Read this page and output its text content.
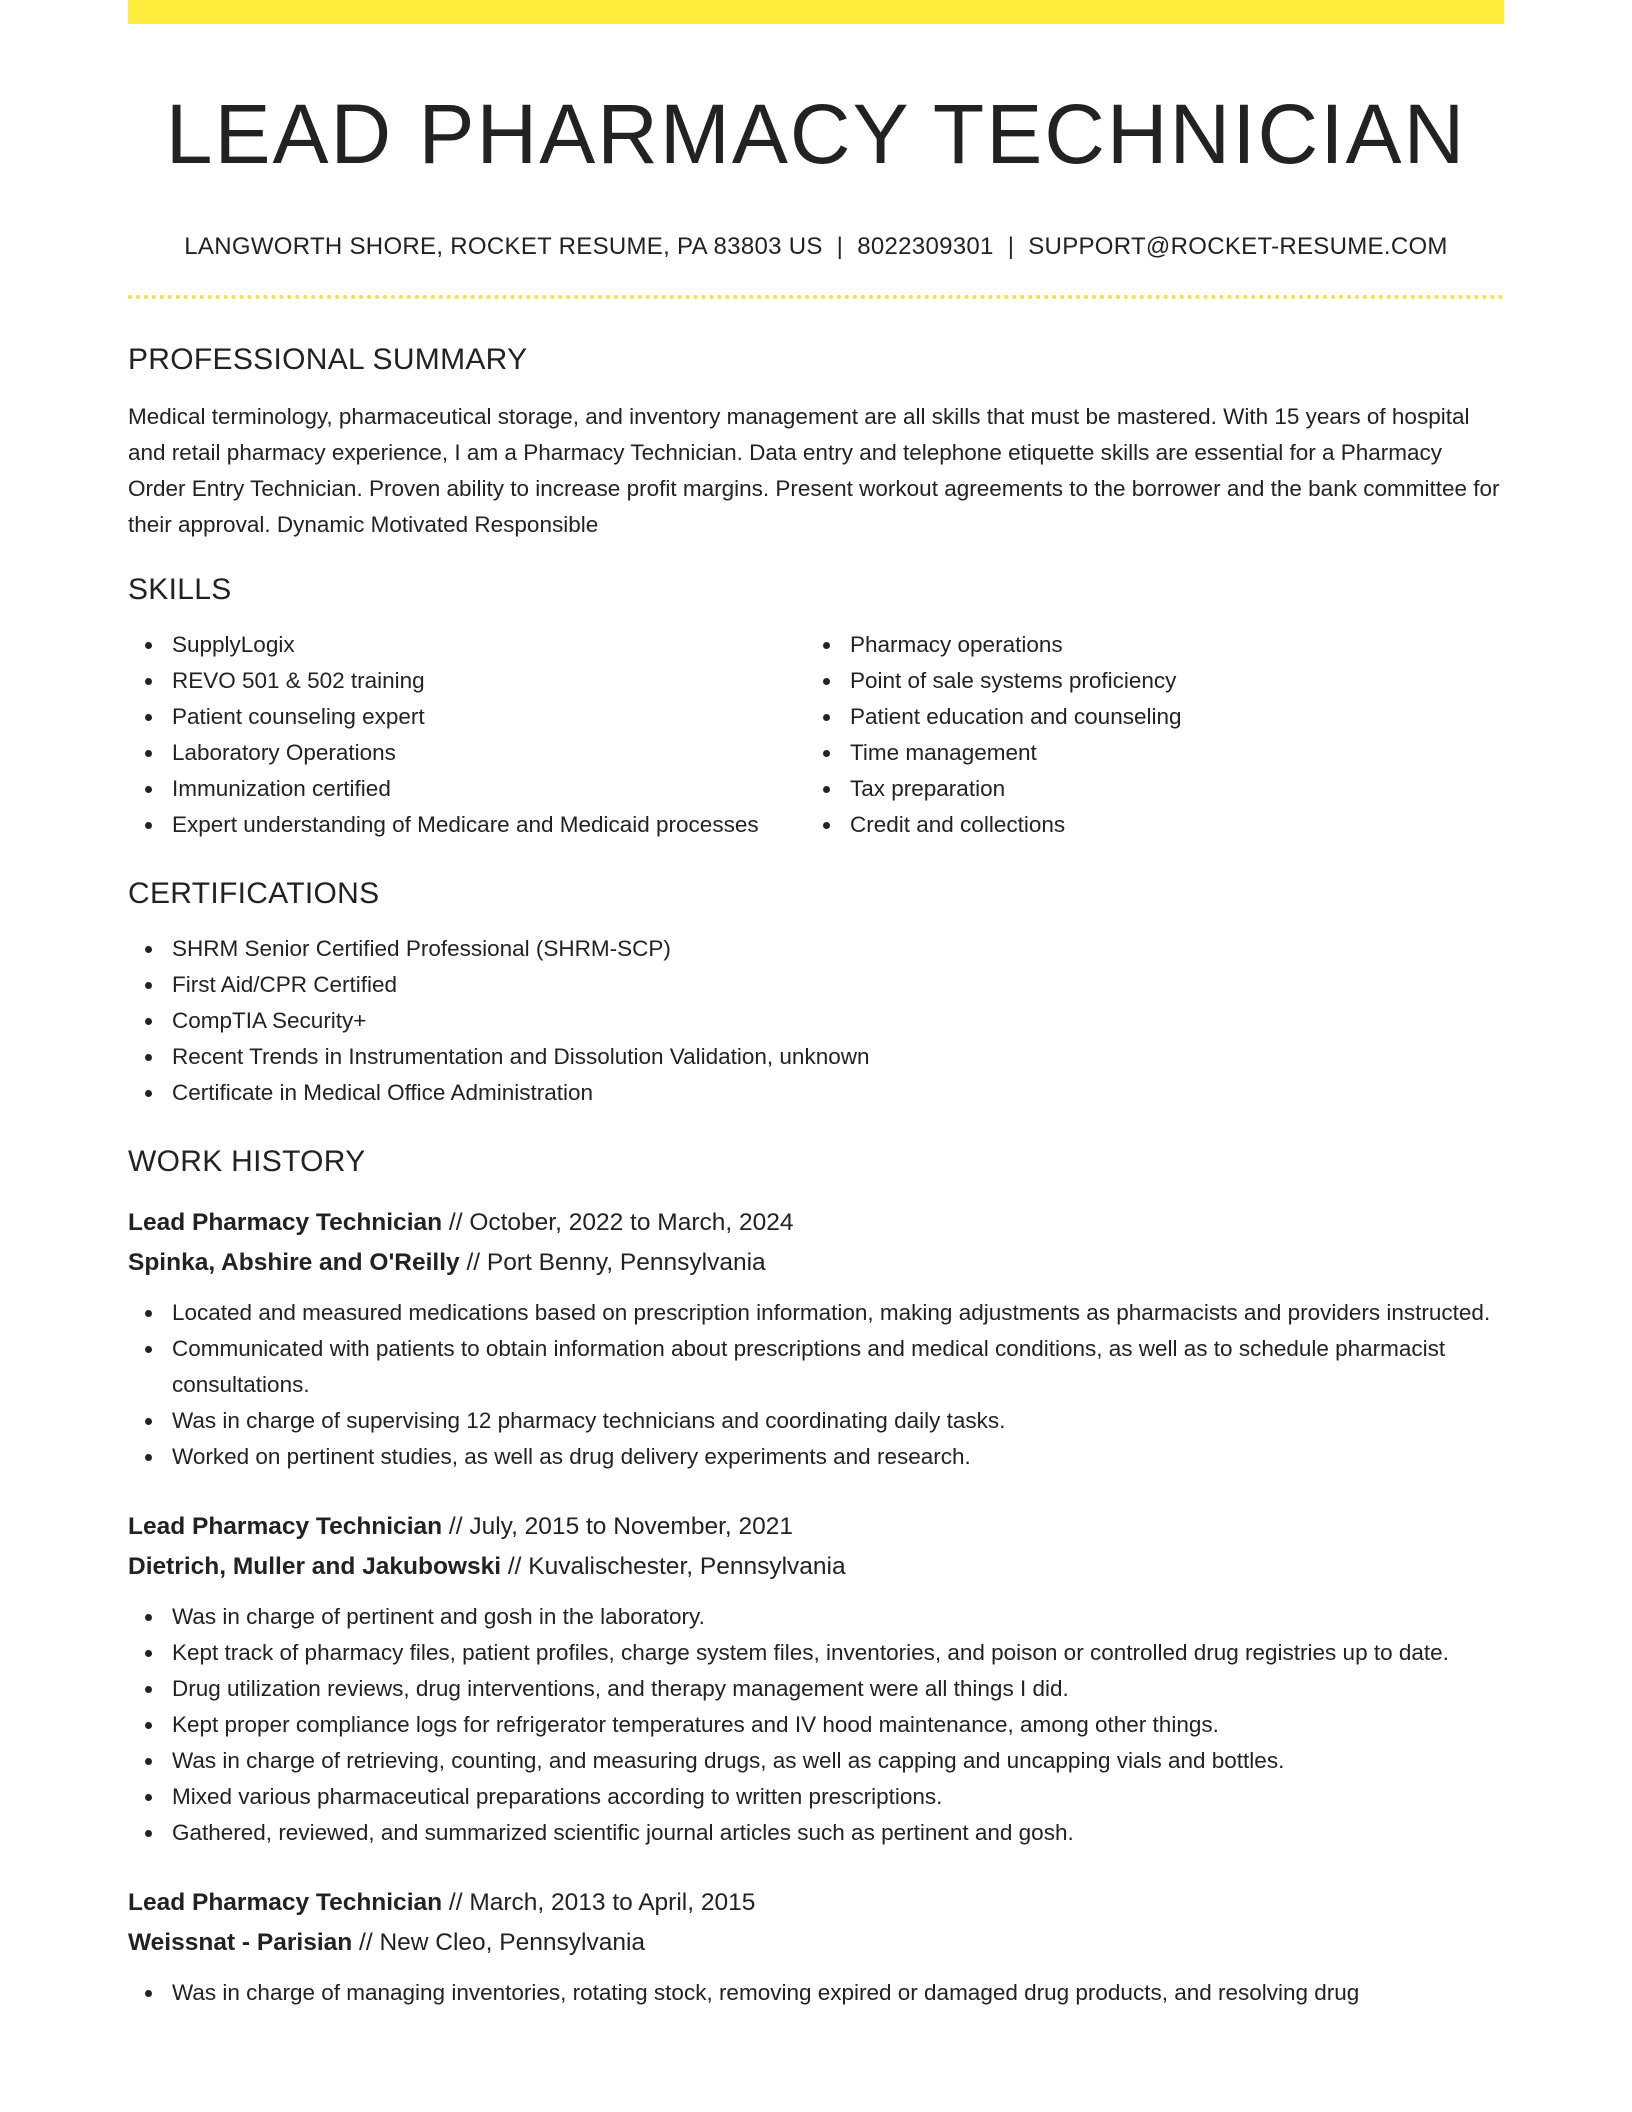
LEAD PHARMACY TECHNICIAN
LANGWORTH SHORE, ROCKET RESUME, PA 83803 US | 8022309301 | SUPPORT@ROCKET-RESUME.COM
PROFESSIONAL SUMMARY

Medical terminology, pharmaceutical storage, and inventory management are all skills that must be mastered. With 15 years of hospital and retail pharmacy experience, I am a Pharmacy Technician. Data entry and telephone etiquette skills are essential for a Pharmacy Order Entry Technician. Proven ability to increase profit margins. Present workout agreements to the borrower and the bank committee for their approval. Dynamic Motivated Responsible

SKILLS
SupplyLogix
REVO 501 & 502 training
Patient counseling expert
Laboratory Operations
Immunization certified
Expert understanding of Medicare and Medicaid processes
Pharmacy operations
Point of sale systems proficiency
Patient education and counseling
Time management
Tax preparation
Credit and collections
CERTIFICATIONS
SHRM Senior Certified Professional (SHRM-SCP)
First Aid/CPR Certified
CompTIA Security+
Recent Trends in Instrumentation and Dissolution Validation, unknown
Certificate in Medical Office Administration
WORK HISTORY
Lead Pharmacy Technician // October, 2022 to March, 2024
Spinka, Abshire and O'Reilly // Port Benny, Pennsylvania
Located and measured medications based on prescription information, making adjustments as pharmacists and providers instructed.
Communicated with patients to obtain information about prescriptions and medical conditions, as well as to schedule pharmacist consultations.
Was in charge of supervising 12 pharmacy technicians and coordinating daily tasks.
Worked on pertinent studies, as well as drug delivery experiments and research.
Lead Pharmacy Technician // July, 2015 to November, 2021
Dietrich, Muller and Jakubowski // Kuvalischester, Pennsylvania
Was in charge of pertinent and gosh in the laboratory.
Kept track of pharmacy files, patient profiles, charge system files, inventories, and poison or controlled drug registries up to date.
Drug utilization reviews, drug interventions, and therapy management were all things I did.
Kept proper compliance logs for refrigerator temperatures and IV hood maintenance, among other things.
Was in charge of retrieving, counting, and measuring drugs, as well as capping and uncapping vials and bottles.
Mixed various pharmaceutical preparations according to written prescriptions.
Gathered, reviewed, and summarized scientific journal articles such as pertinent and gosh.
Lead Pharmacy Technician // March, 2013 to April, 2015
Weissnat - Parisian // New Cleo, Pennsylvania
Was in charge of managing inventories, rotating stock, removing expired or damaged drug products, and resolving drug
